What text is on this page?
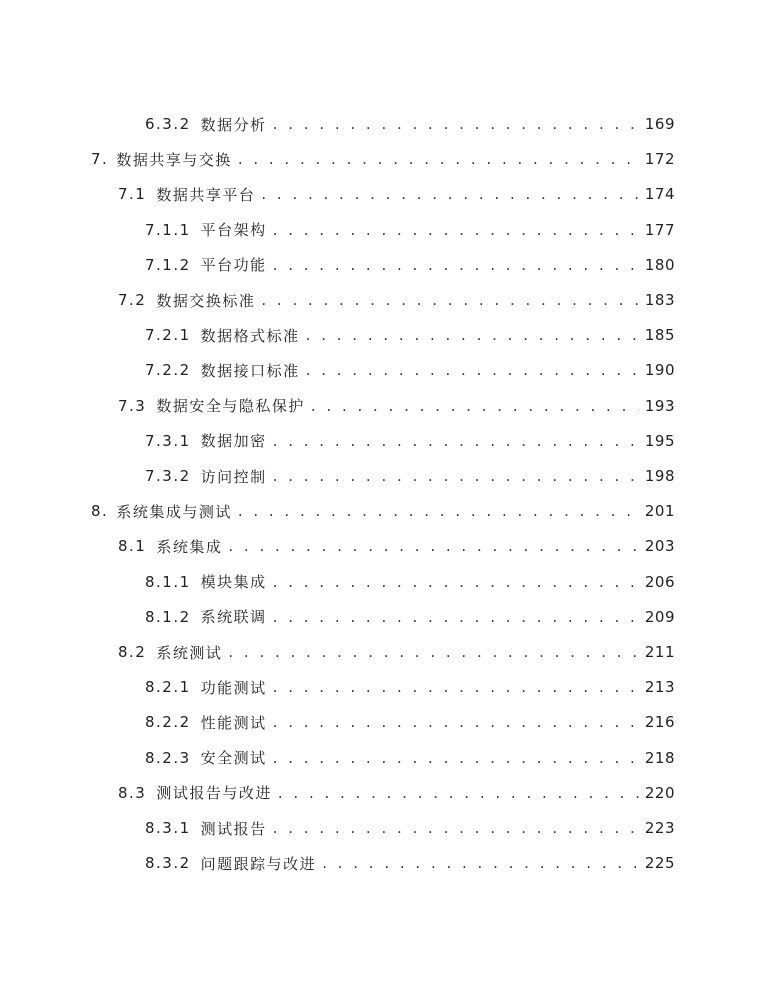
6.3.2 数据分析 . . .	169
7. 数据共享与交换 . . .	172
7.1 数据共享平台 . . .	174
7.1.1 平台架构 . . .	177
7.1.2 平台功能 . . .	180
7.2 数据交换标准 . . .	183
7.2.1 数据格式标准 . . .	185
7.2.2 数据接口标准 . . .	190
7.3 数据安全与隐私保护 . . .	193
7.3.1 数据加密 . . .	195
7.3.2 访问控制 . . .	198
8. 系统集成与测试 . . .	201
8.1 系统集成 . . .	203
8.1.1 模块集成 . . .	206
8.1.2 系统联调 . . .	209
8.2 系统测试 . . .	211
8.2.1 功能测试 . . .	213
8.2.2 性能测试 . . .	216
8.2.3 安全测试 . . .	218
8.3 测试报告与改进 . . .	220
8.3.1 测试报告 . . .	223
8.3.2 问题跟踪与改进 . . .	225
